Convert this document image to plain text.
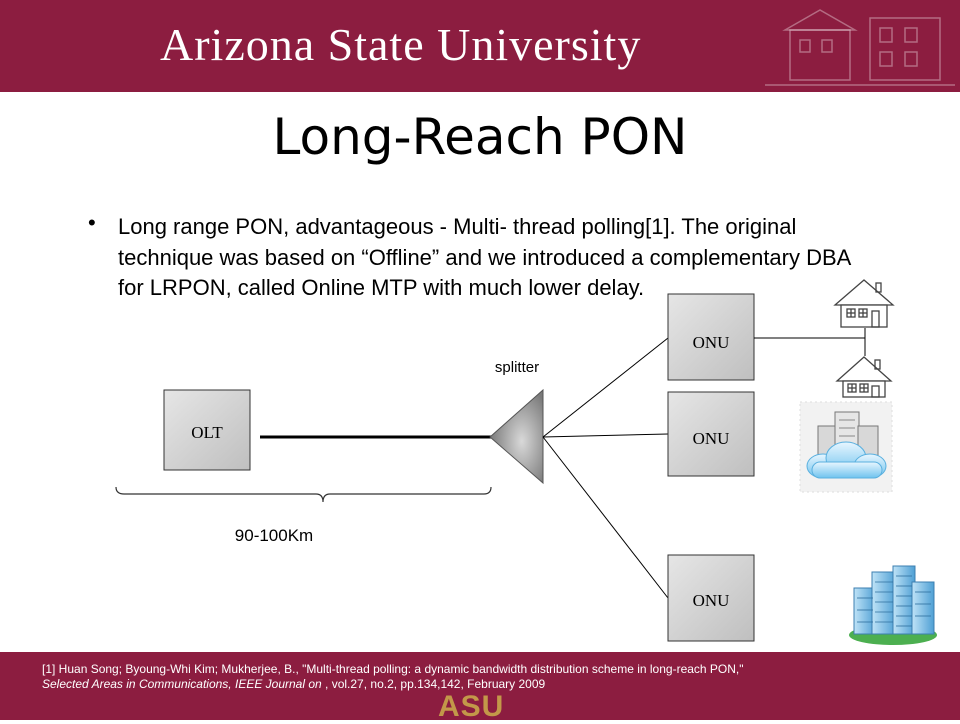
Arizona State University
Long-Reach PON
• Long range PON, advantageous - Multi- thread polling[1]. The original technique was based on “Offline” and we introduced a complementary DBA for LRPON, called Online MTP with much lower delay.
OLT
splitter
ONU
ONU
ONU
90-100Km
ASU
[1] Huan Song; Byoung-Whi Kim; Mukherjee, B., "Multi-thread polling: a dynamic bandwidth distribution scheme in long-reach PON,"
Selected Areas in Communications, IEEE Journal on , vol.27, no.2, pp.134,142, February 2009
